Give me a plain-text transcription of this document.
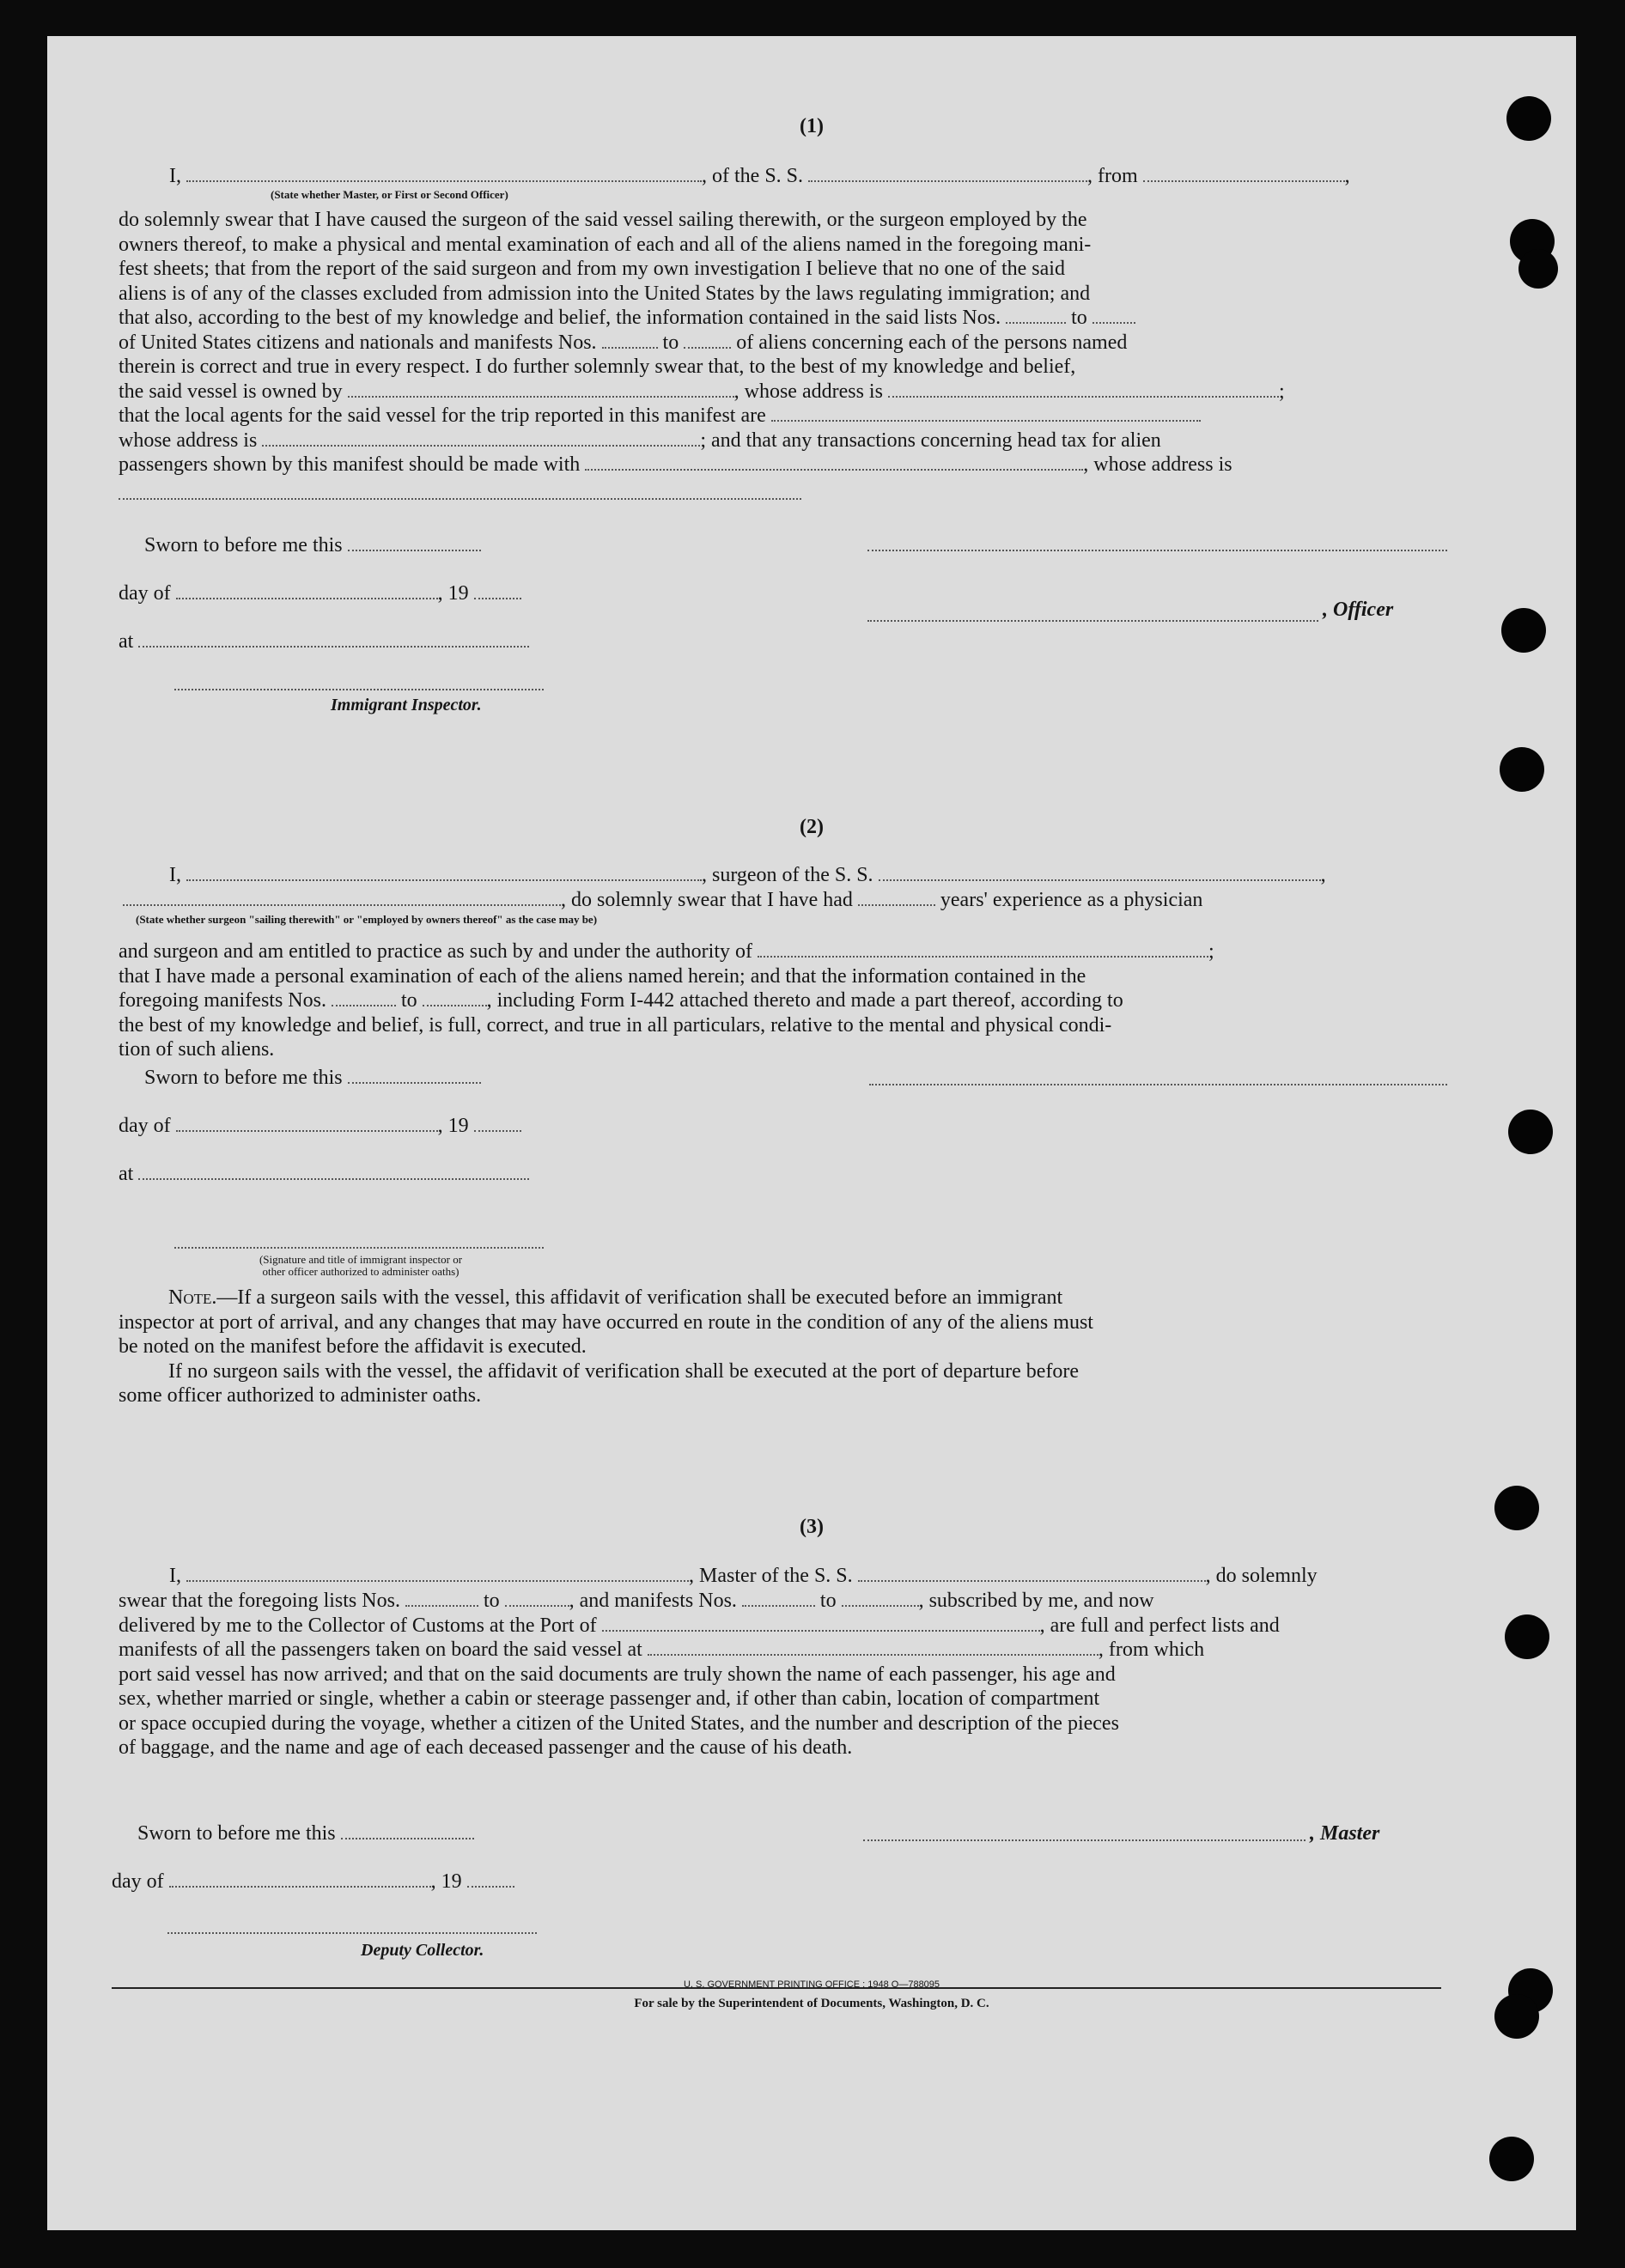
(1)
I,	, of the S. S.	, from	,
(State whether Master, or First or Second Officer)

do solemnly swear that I have caused the surgeon of the said vessel sailing therewith, or the surgeon employed by the

owners thereof, to make a physical and mental examination of each and all of the aliens named in the foregoing mani-

fest sheets; that from the report of the said surgeon and from my own investigation I believe that no one of the said

aliens is of any of the classes excluded from admission into the United States by the laws regulating immigration; and

that also, according to the best of my knowledge and belief, the information contained in the said lists Nos.	to

of United States citizens and nationals and manifests Nos.	to	of aliens concerning each of the persons named

therein is correct and true in every respect. I do further solemnly swear that, to the best of my knowledge and belief,

the said vessel is owned by	, whose address is	;

that the local agents for the said vessel for the trip reported in this manifest are

whose address is	; and that any transactions concerning head tax for alien

passengers shown by this manifest should be made with	, whose address is

Sworn to before me this
day of	, 19
, Officer
at
Immigrant Inspector.
(2)
I,	, surgeon of the S. S.	,
, do solemnly swear that I have had	years' experience as a physician
(State whether surgeon "sailing therewith" or "employed by owners thereof" as the case may be)

and surgeon and am entitled to practice as such by and under the authority of	;

that I have made a personal examination of each of the aliens named herein; and that the information contained in the

foregoing manifests Nos.	to	, including Form I-442 attached thereto and made a part thereof, according to

the best of my knowledge and belief, is full, correct, and true in all particulars, relative to the mental and physical condi-

tion of such aliens.

Sworn to before me this
day of	, 19
at
(Signature and title of immigrant inspector or
other officer authorized to administer oaths)

Note.—If a surgeon sails with the vessel, this affidavit of verification shall be executed before an immigrant

inspector at port of arrival, and any changes that may have occurred en route in the condition of any of the aliens must

be noted on the manifest before the affidavit is executed.

If no surgeon sails with the vessel, the affidavit of verification shall be executed at the port of departure before

some officer authorized to administer oaths.

(3)
I,	, Master of the S. S.	, do solemnly

swear that the foregoing lists Nos.	to	, and manifests Nos.	to	, subscribed by me, and now

delivered by me to the Collector of Customs at the Port of	, are full and perfect lists and

manifests of all the passengers taken on board the said vessel at	, from which

port said vessel has now arrived; and that on the said documents are truly shown the name of each passenger, his age and

sex, whether married or single, whether a cabin or steerage passenger and, if other than cabin, location of compartment

or space occupied during the voyage, whether a citizen of the United States, and the number and description of the pieces

of baggage, and the name and age of each deceased passenger and the cause of his death.

Sworn to before me this	, Master
day of	, 19
Deputy Collector.
U. S. GOVERNMENT PRINTING OFFICE : 1948 O—788095
For sale by the Superintendent of Documents, Washington, D. C.
